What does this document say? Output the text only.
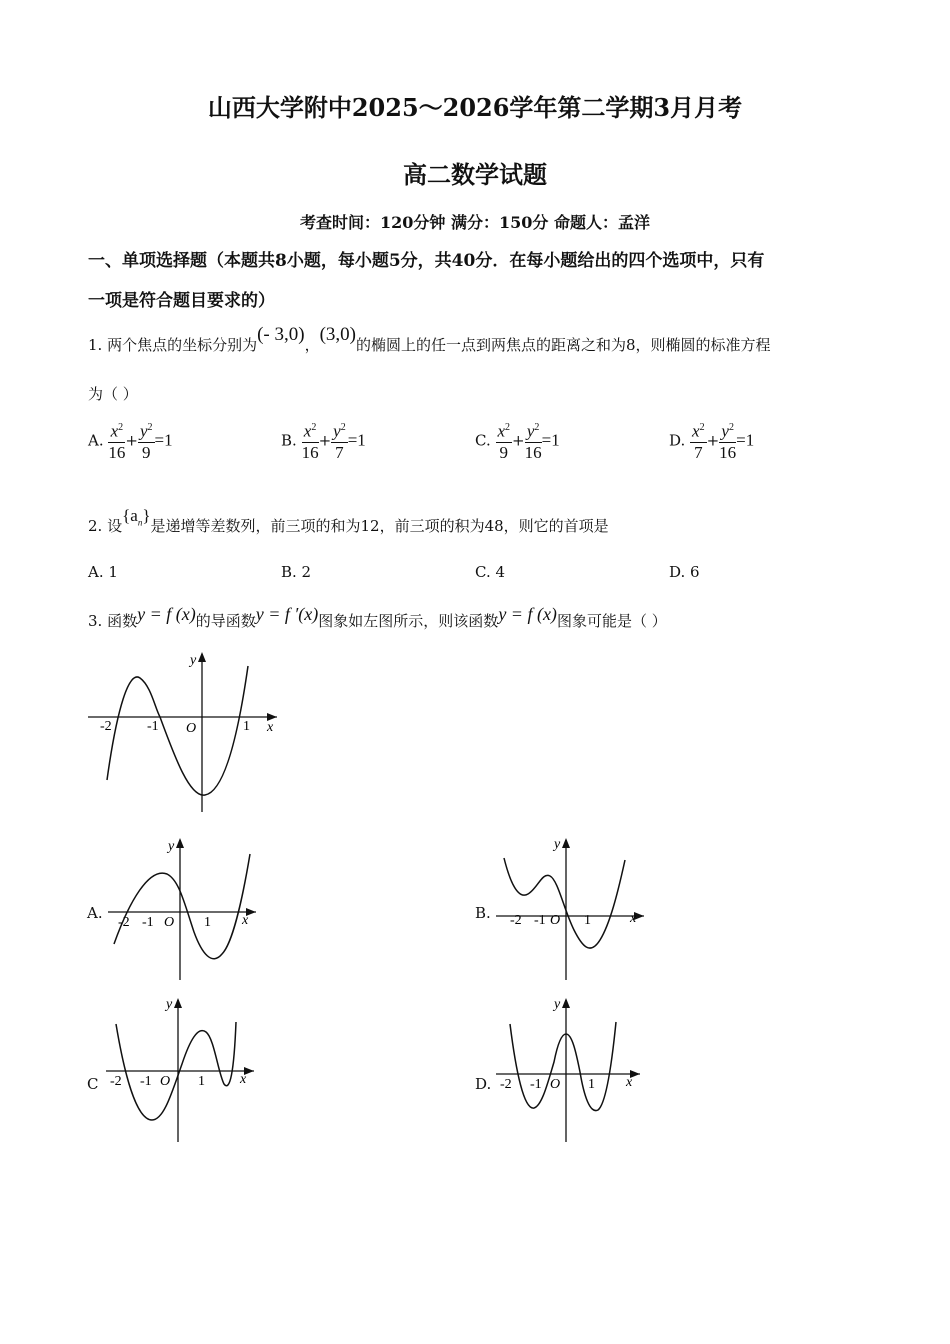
山西大学附中2025～2026学年第二学期3月月考
高二数学试题
考查时间：120分钟 满分：150分 命题人：孟洋
一、单项选择题（本题共8小题，每小题5分，共40分．在每小题给出的四个选项中，只有
一项是符合题目要求的）
1. 两个焦点的坐标分别为(- 3,0)，(3,0)的椭圆上的任一点到两焦点的距离之和为8，则椭圆的标准方程
为（ ）
A. $\frac{x^2}{16} + \frac{y^2}{9} =1$	B. $\frac{x^2}{16} + \frac{y^2}{7} =1$	C. $\frac{x^2}{9} + \frac{y^2}{16} =1$	D. $\frac{x^2}{7} + \frac{y^2}{16} =1$
2. 设$\{a_n\}$是递增等差数列，前三项的和为12，前三项的积为48，则它的首项是
A. 1	B. 2	C. 4	D. 6
3. 函数y = f (x)的导函数y = f ′(x)图象如左图所示，则该函数y = f (x)图象可能是（ ）
x
y
O
-2	-1	1
A.	x
y
O
-2 -1	1
B.	x
y
O
-2 -1	1
C	x
y
O
-2 -1	1	D.	x
y
O
-2 -1	1
